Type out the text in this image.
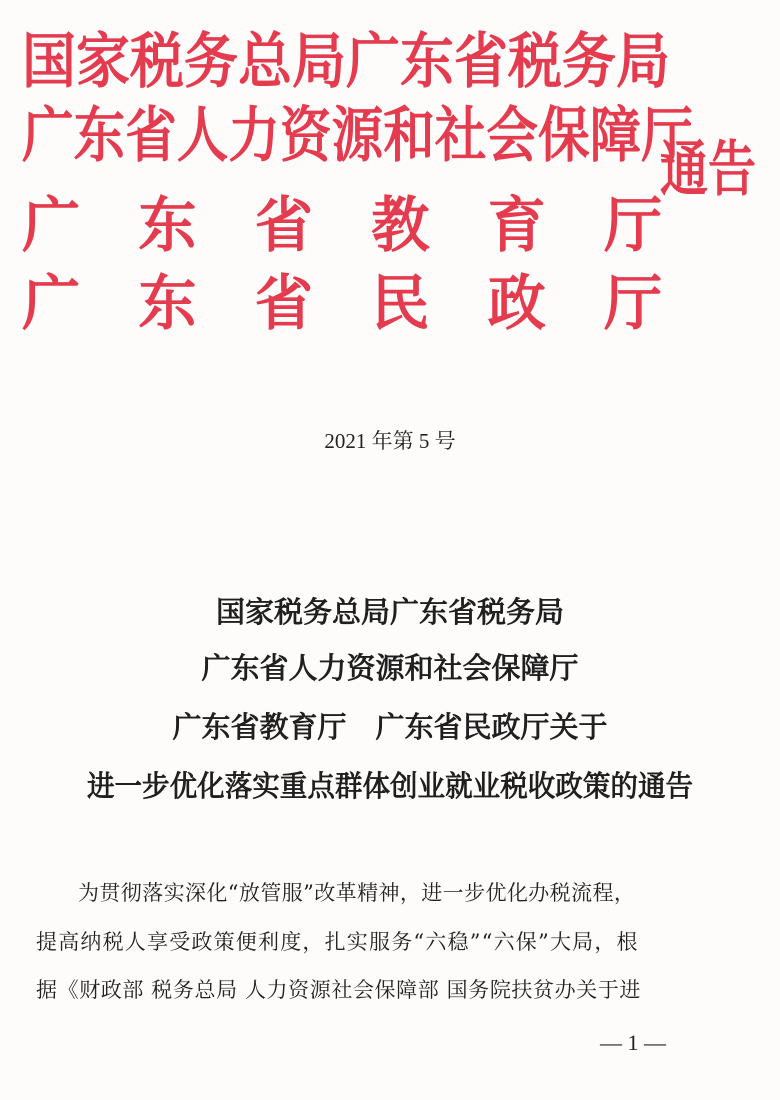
国家税务总局广东省税务局
广东省人力资源和社会保障厅
广东省教育厅
广东省民政厅
通告
2021 年第 5 号
国家税务总局广东省税务局
广东省人力资源和社会保障厅
广东省教育厅　广东省民政厅关于
进一步优化落实重点群体创业就业税收政策的通告
为贯彻落实深化“放管服”改革精神，进一步优化办税流程，
提高纳税人享受政策便利度，扎实服务“六稳”“六保”大局，根
据《财政部 税务总局 人力资源社会保障部 国务院扶贫办关于进
— 1 —
